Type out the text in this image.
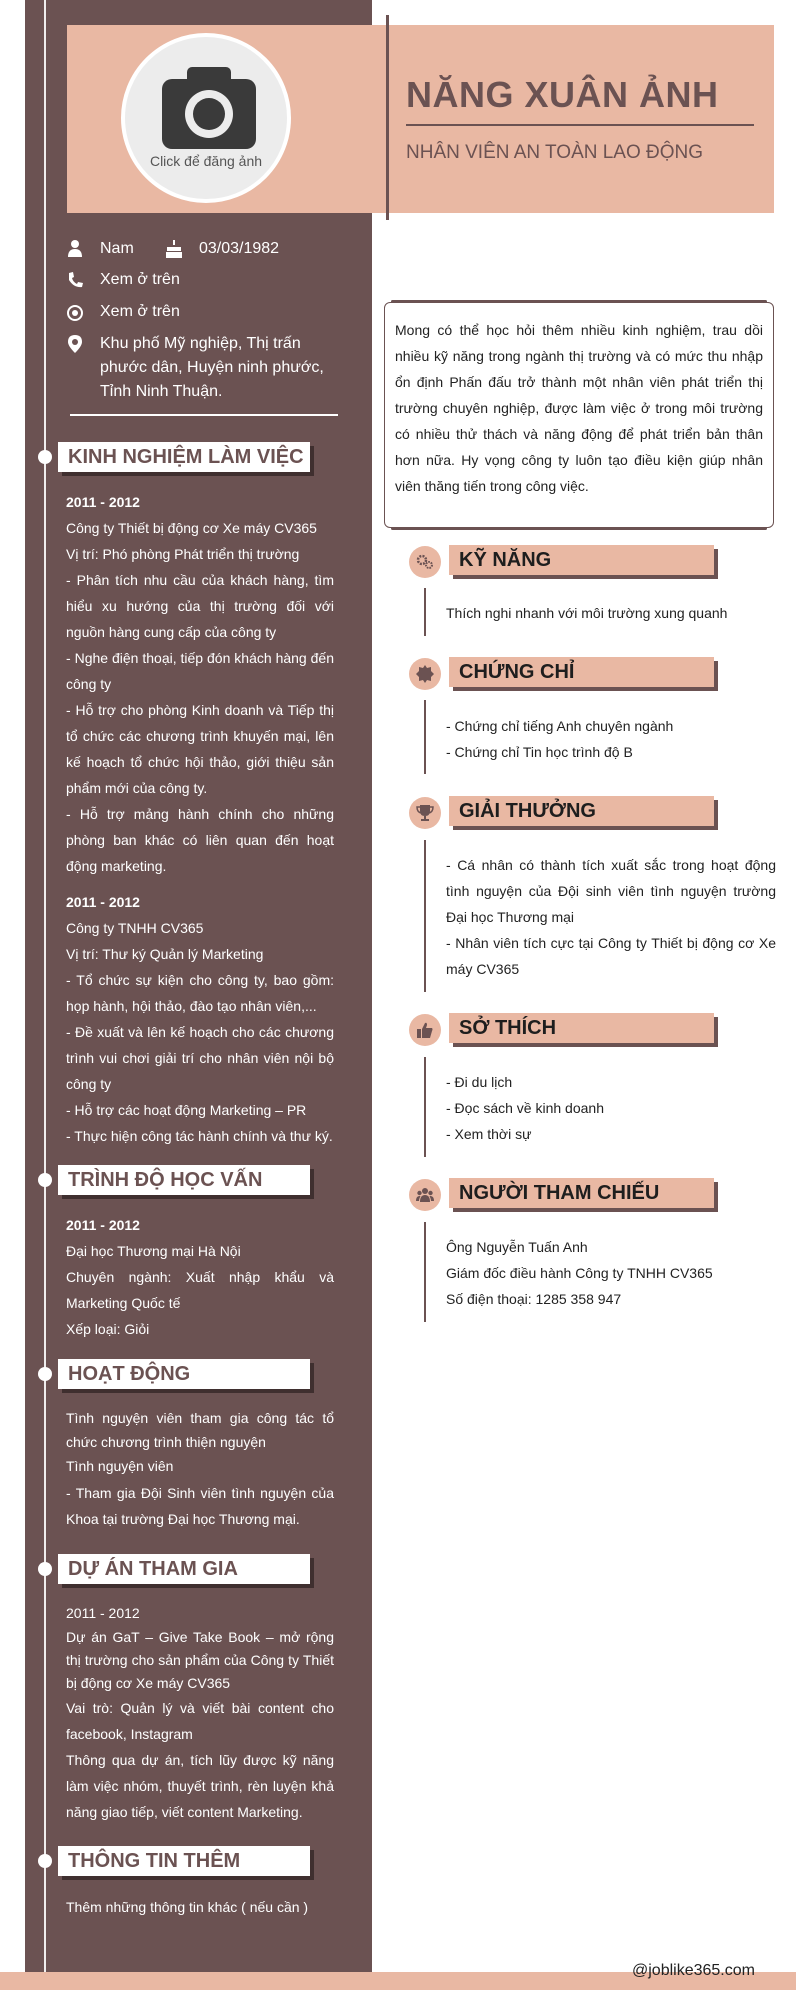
Click để đăng ảnh
NĂNG XUÂN ẢNH
NHÂN VIÊN AN TOÀN LAO ĐỘNG
Nam	03/03/1982
Xem ở trên
Xem ở trên
Khu phố Mỹ nghiệp, Thị trấn phước dân, Huyện ninh phước, Tỉnh Ninh Thuận.
KINH NGHIỆM LÀM VIỆC

2011 - 2012

Công ty Thiết bị động cơ Xe máy CV365

Vị trí: Phó phòng Phát triển thị trường

- Phân tích nhu cầu của khách hàng, tìm hiểu xu hướng của thị trường đối với nguồn hàng cung cấp của công ty

- Nghe điện thoại, tiếp đón khách hàng đến công ty

- Hỗ trợ cho phòng Kinh doanh và Tiếp thị tổ chức các chương trình khuyến mại, lên kế hoạch tổ chức hội thảo, giới thiệu sản phẩm mới của công ty.

- Hỗ trợ mảng hành chính cho những phòng ban khác có liên quan đến hoạt động marketing.

2011 - 2012

Công ty TNHH CV365

Vị trí: Thư ký Quản lý Marketing

- Tổ chức sự kiện cho công ty, bao gồm: họp hành, hội thảo, đào tạo nhân viên,...

- Đề xuất và lên kế hoạch cho các chương trình vui chơi giải trí cho nhân viên nội bộ công ty

- Hỗ trợ các hoạt động Marketing – PR

- Thực hiện công tác hành chính và thư ký.

TRÌNH ĐỘ HỌC VẤN

2011 - 2012

Đại học Thương mại Hà Nội

Chuyên ngành: Xuất nhập khẩu và Marketing Quốc tế

Xếp loại: Giỏi

HOẠT ĐỘNG

Tình nguyện viên tham gia công tác tổ chức chương trình thiện nguyện

Tình nguyện viên

- Tham gia Đội Sinh viên tình nguyện của Khoa tại trường Đại học Thương mại.

DỰ ÁN THAM GIA

2011 - 2012

Dự án GaT – Give Take Book – mở rộng thị trường cho sản phẩm của Công ty Thiết bị động cơ Xe máy CV365

Vai trò: Quản lý và viết bài content cho facebook, Instagram

Thông qua dự án, tích lũy được kỹ năng làm việc nhóm, thuyết trình, rèn luyện khả năng giao tiếp, viết content Marketing.

THÔNG TIN THÊM

Thêm những thông tin khác ( nếu cần )

Mong có thể học hỏi thêm nhiều kinh nghiệm, trau dồi nhiều kỹ năng trong ngành thị trường và có mức thu nhập ổn định Phấn đấu trở thành một nhân viên phát triển thị trường chuyên nghiệp, được làm việc ở trong môi trường có nhiều thử thách và năng động để phát triển bản thân hơn nữa. Hy vọng công ty luôn tạo điều kiện giúp nhân viên thăng tiến trong công việc.
KỸ NĂNG

Thích nghi nhanh với môi trường xung quanh

CHỨNG CHỈ

- Chứng chỉ tiếng Anh chuyên ngành

- Chứng chỉ Tin học trình độ B

GIẢI THƯỞNG

- Cá nhân có thành tích xuất sắc trong hoạt động tình nguyện của Đội sinh viên tình nguyện trường Đại học Thương mại

- Nhân viên tích cực tại Công ty Thiết bị động cơ Xe máy CV365

SỞ THÍCH

- Đi du lịch

- Đọc sách về kinh doanh

- Xem thời sự

NGƯỜI THAM CHIẾU

Ông Nguyễn Tuấn Anh

Giám đốc điều hành Công ty TNHH CV365

Số điện thoại: 1285 358 947

@joblike365.com
